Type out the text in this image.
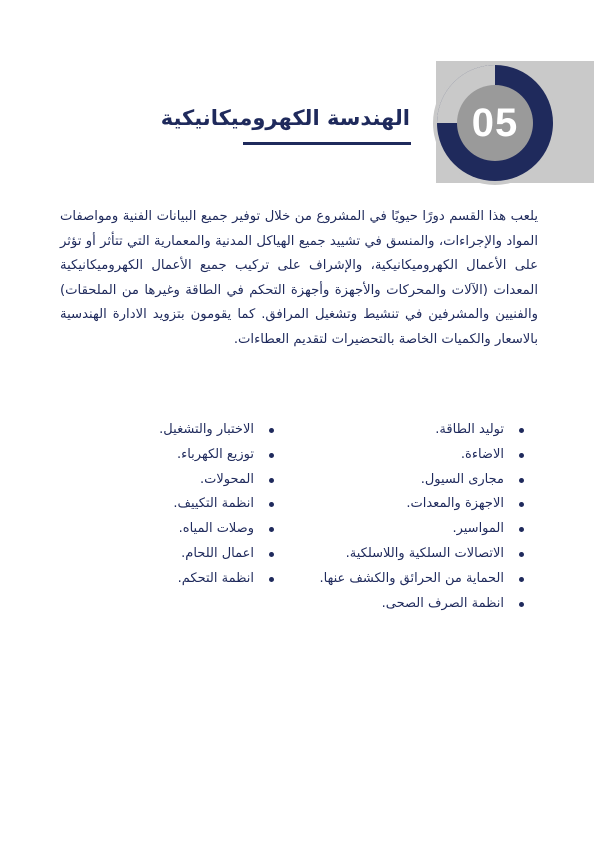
05
الهندسة الكهروميكانيكية

يلعب هذا القسم دورًا حيويًا في المشروع من خلال توفير جميع البيانات الفنية ومواصفات المواد والإجراءات، والمنسق في تشييد جميع الهياكل المدنية والمعمارية التي تتأثر أو تؤثر على الأعمال الكهروميكانيكية، والإشراف على تركيب جميع الأعمال الكهروميكانيكية المعدات (الآلات والمحركات والأجهزة وأجهزة التحكم في الطاقة وغيرها من الملحقات) والفنيين والمشرفين في تنشيط وتشغيل المرافق. كما يقومون بتزويد الادارة الهندسية بالاسعار والكميات الخاصة بالتحضيرات لتقديم العطاءات.

توليد الطاقة.
الاضاءة.
مجارى السيول.
الاجهزة والمعدات.
المواسير.
الاتصالات السلكية واللاسلكية.
الحماية من الحرائق والكشف عنها.
انظمة الصرف الصحى.
الاختبار والتشغيل.
توزيع الكهرباء.
المحولات.
انظمة التكييف.
وصلات المياه.
اعمال اللحام.
انظمة التحكم.
